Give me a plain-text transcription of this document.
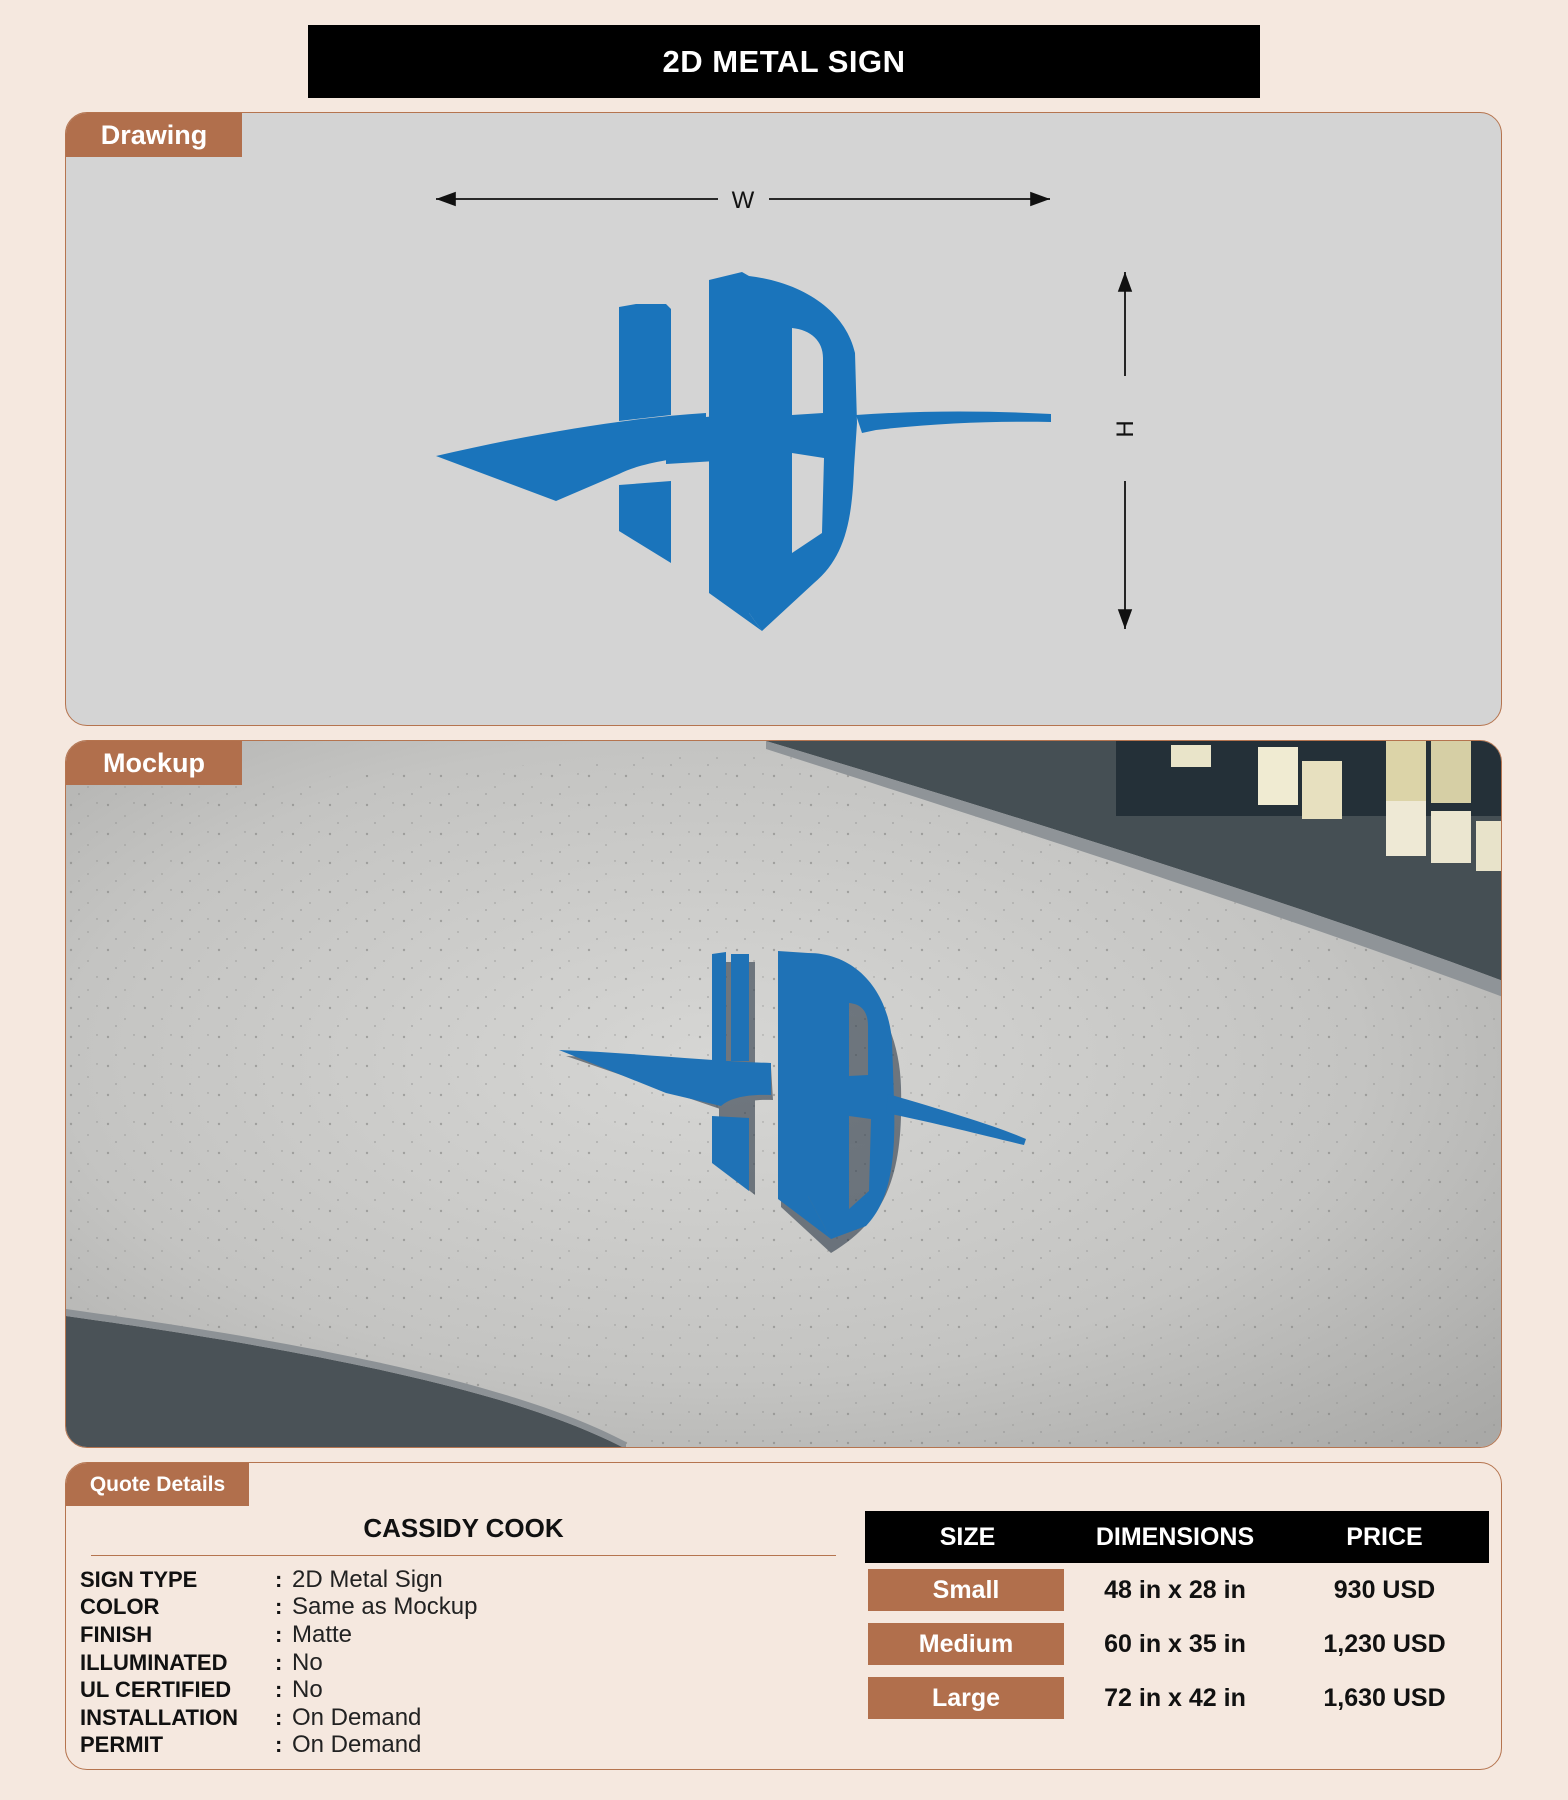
2D METAL SIGN
Drawing
W
H
Mockup
Quote Details
CASSIDY COOK
SIGN TYPE	: 2D Metal Sign
COLOR	: Same as Mockup
FINISH	: Matte
ILLUMINATED	: No
UL CERTIFIED	: No
INSTALLATION	: On Demand
PERMIT	: On Demand
SIZE	DIMENSIONS	PRICE
Small	48 in x 28 in	930 USD
Medium	60 in x 35 in	1,230 USD
Large	72 in x 42 in	1,630 USD
